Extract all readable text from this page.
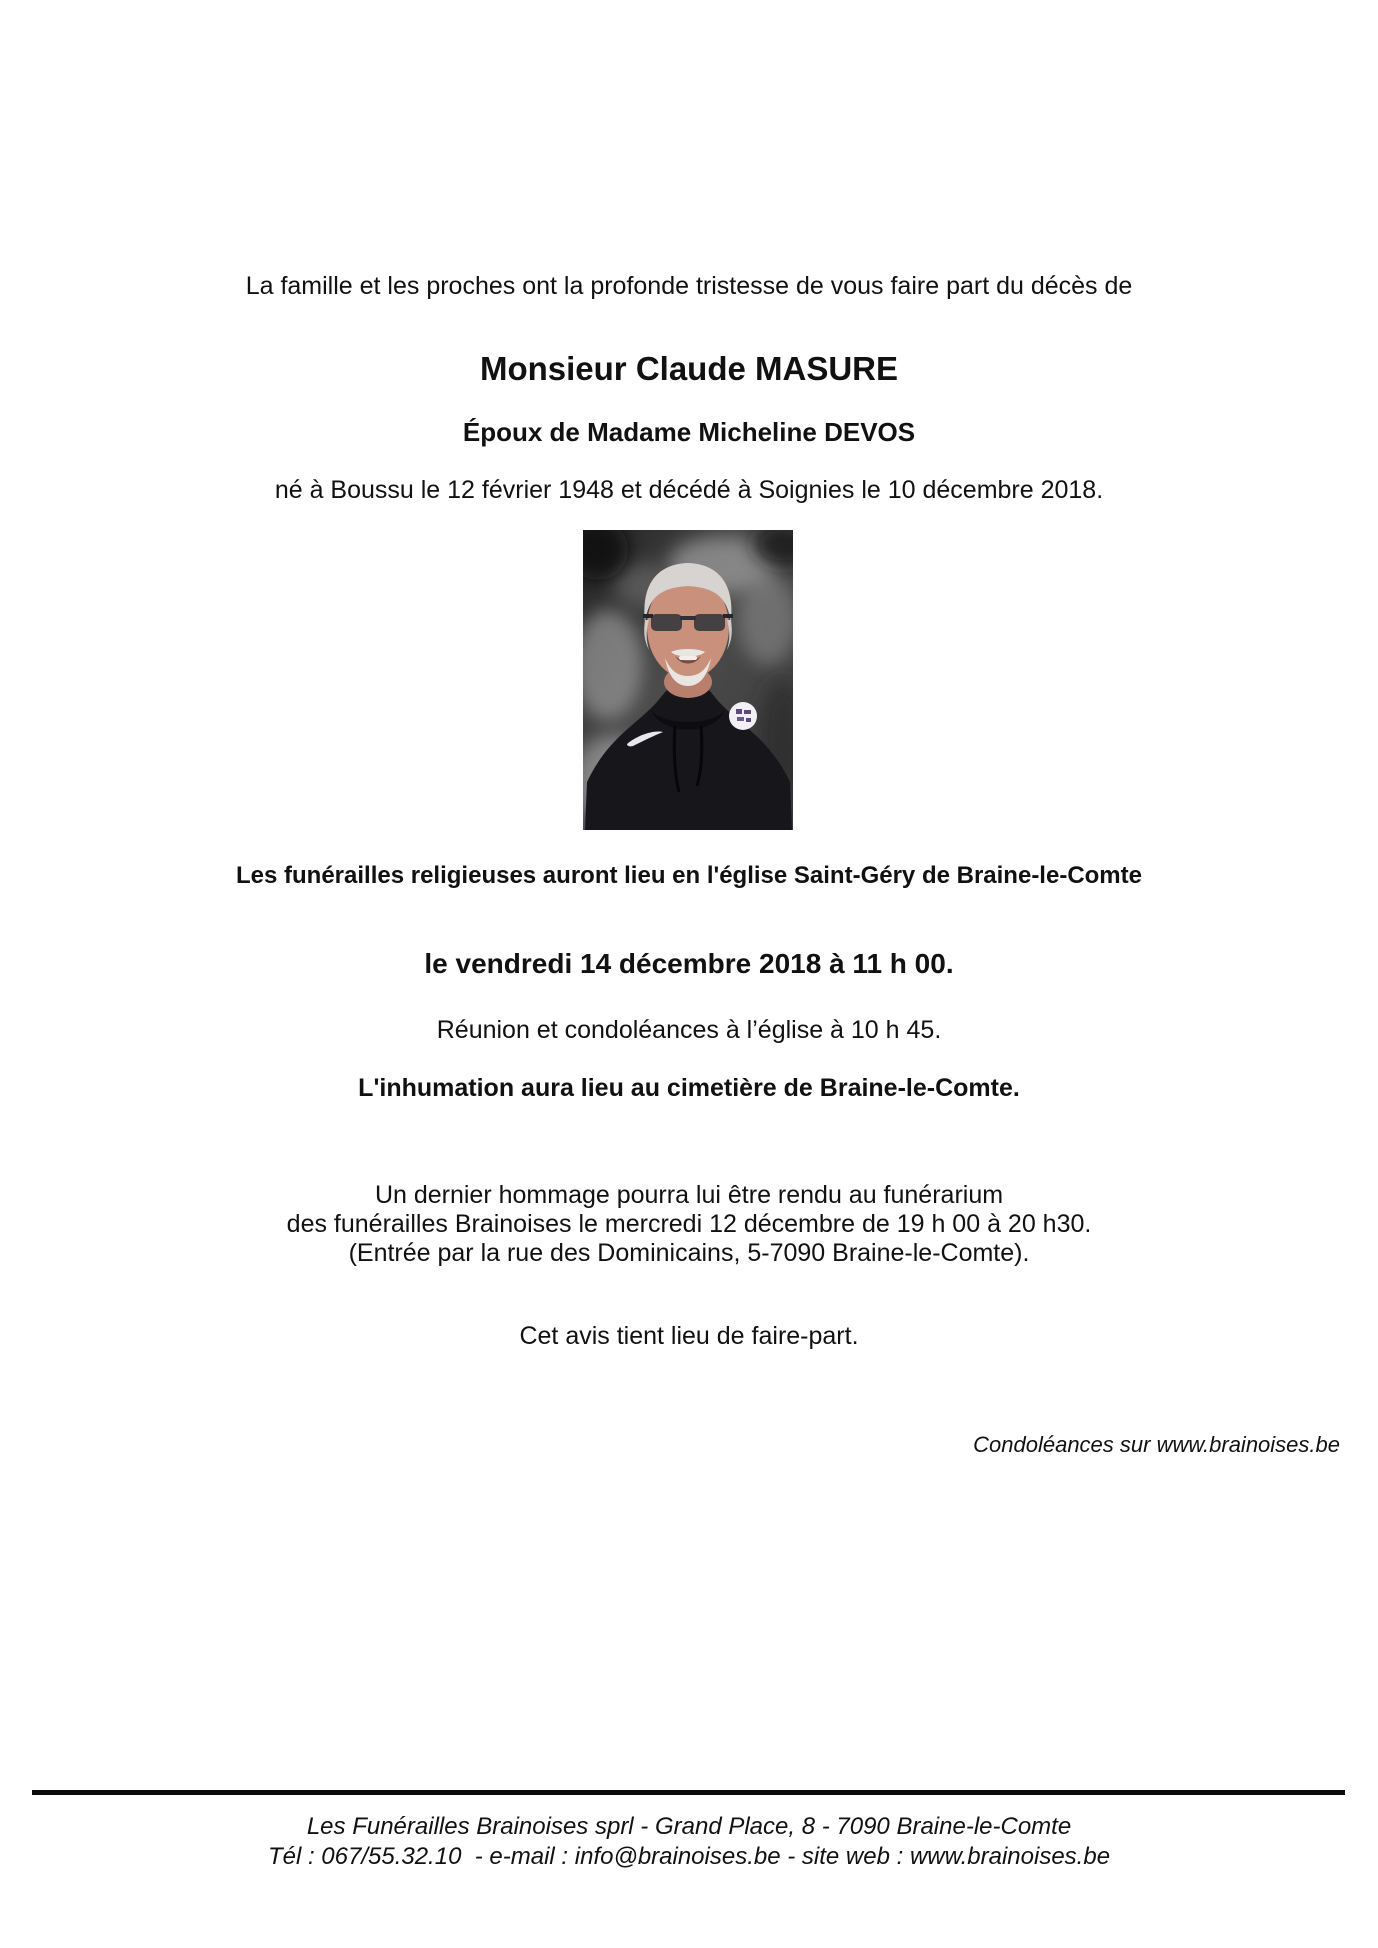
La famille et les proches ont la profonde tristesse de vous faire part du décès de
Monsieur Claude MASURE
Époux de Madame Micheline DEVOS
né à Boussu le 12 février 1948 et décédé à Soignies le 10 décembre 2018.
Les funérailles religieuses auront lieu en l'église Saint-Géry de Braine-le-Comte
le vendredi 14 décembre 2018 à 11 h 00.
Réunion et condoléances à l’église à 10 h 45.
L'inhumation aura lieu au cimetière de Braine-le-Comte.
Un dernier hommage pourra lui être rendu au funérarium
des funérailles Brainoises le mercredi 12 décembre de 19 h 00 à 20 h30.
(Entrée par la rue des Dominicains, 5-7090 Braine-le-Comte).
Cet avis tient lieu de faire-part.
Condoléances sur www.brainoises.be
Les Funérailles Brainoises sprl - Grand Place, 8 - 7090 Braine-le-Comte
Tél : 067/55.32.10  - e-mail : info@brainoises.be - site web : www.brainoises.be
